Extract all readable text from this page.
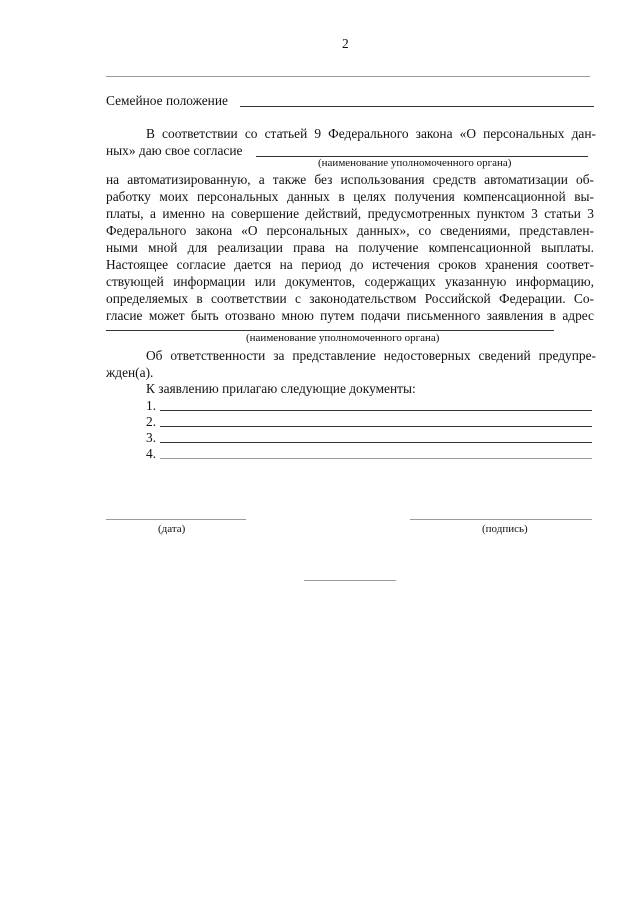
2
Семейное положение
В соответствии со статьей 9 Федерального закона «О персональных дан-
ных» даю свое согласие
(наименование уполномоченного органа)
на автоматизированную, а также без использования средств автоматизации об-
работку моих персональных данных в целях получения компенсационной вы-
платы, а именно на совершение действий, предусмотренных пунктом 3 статьи 3
Федерального закона «О персональных данных», со сведениями, представлен-
ными мной для реализации права на получение компенсационной выплаты.
Настоящее согласие дается на период до истечения сроков хранения соответ-
ствующей информации или документов, содержащих указанную информацию,
определяемых в соответствии с законодательством Российской Федерации. Со-
гласие может быть отозвано мною путем подачи письменного заявления в адрес
(наименование уполномоченного органа)
Об ответственности за представление недостоверных сведений предупре-
жден(а).
К заявлению прилагаю следующие документы:
1.
2.
3.
4.
(дата)	(подпись)
